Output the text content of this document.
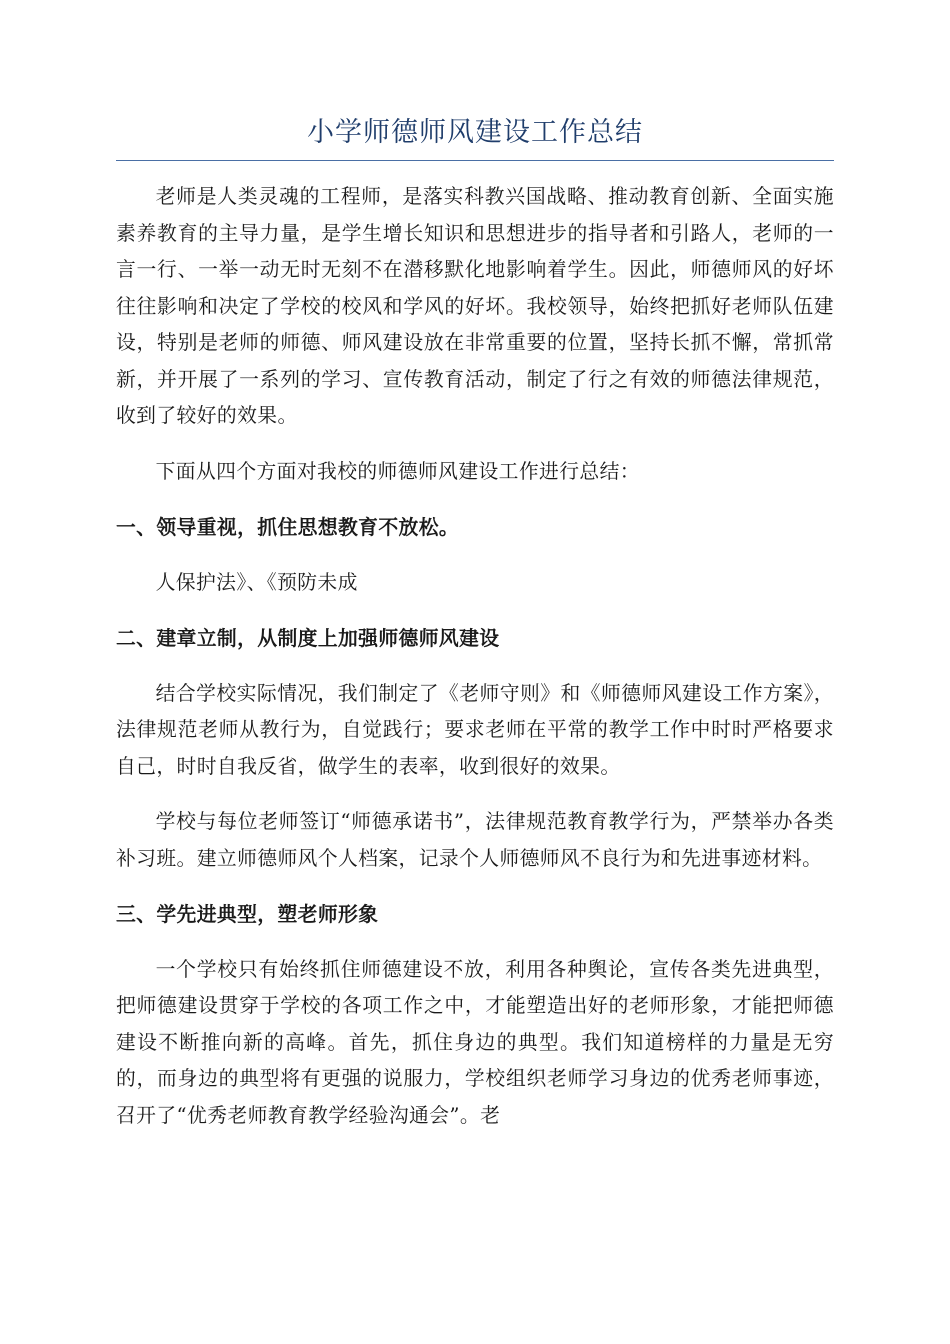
小学师德师风建设工作总结

老师是人类灵魂的工程师，是落实科教兴国战略、推动教育创新、全面实施素养教育的主导力量，是学生增长知识和思想进步的指导者和引路人，老师的一言一行、一举一动无时无刻不在潜移默化地影响着学生。因此，师德师风的好坏往往影响和决定了学校的校风和学风的好坏。我校领导，始终把抓好老师队伍建设，特别是老师的师德、师风建设放在非常重要的位置，坚持长抓不懈，常抓常新，并开展了一系列的学习、宣传教育活动，制定了行之有效的师德法律规范，收到了较好的效果。

下面从四个方面对我校的师德师风建设工作进行总结：

一、领导重视，抓住思想教育不放松。

人保护法》、《预防未成

二、建章立制，从制度上加强师德师风建设

结合学校实际情况，我们制定了《老师守则》和《师德师风建设工作方案》，法律规范老师从教行为，自觉践行；要求老师在平常的教学工作中时时严格要求自己，时时自我反省，做学生的表率，收到很好的效果。

学校与每位老师签订“师德承诺书”，法律规范教育教学行为，严禁举办各类补习班。建立师德师风个人档案，记录个人师德师风不良行为和先进事迹材料。

三、学先进典型，塑老师形象

一个学校只有始终抓住师德建设不放，利用各种舆论，宣传各类先进典型，把师德建设贯穿于学校的各项工作之中，才能塑造出好的老师形象，才能把师德建设不断推向新的高峰。首先，抓住身边的典型。我们知道榜样的力量是无穷的，而身边的典型将有更强的说服力，学校组织老师学习身边的优秀老师事迹，召开了“优秀老师教育教学经验沟通会”。老
